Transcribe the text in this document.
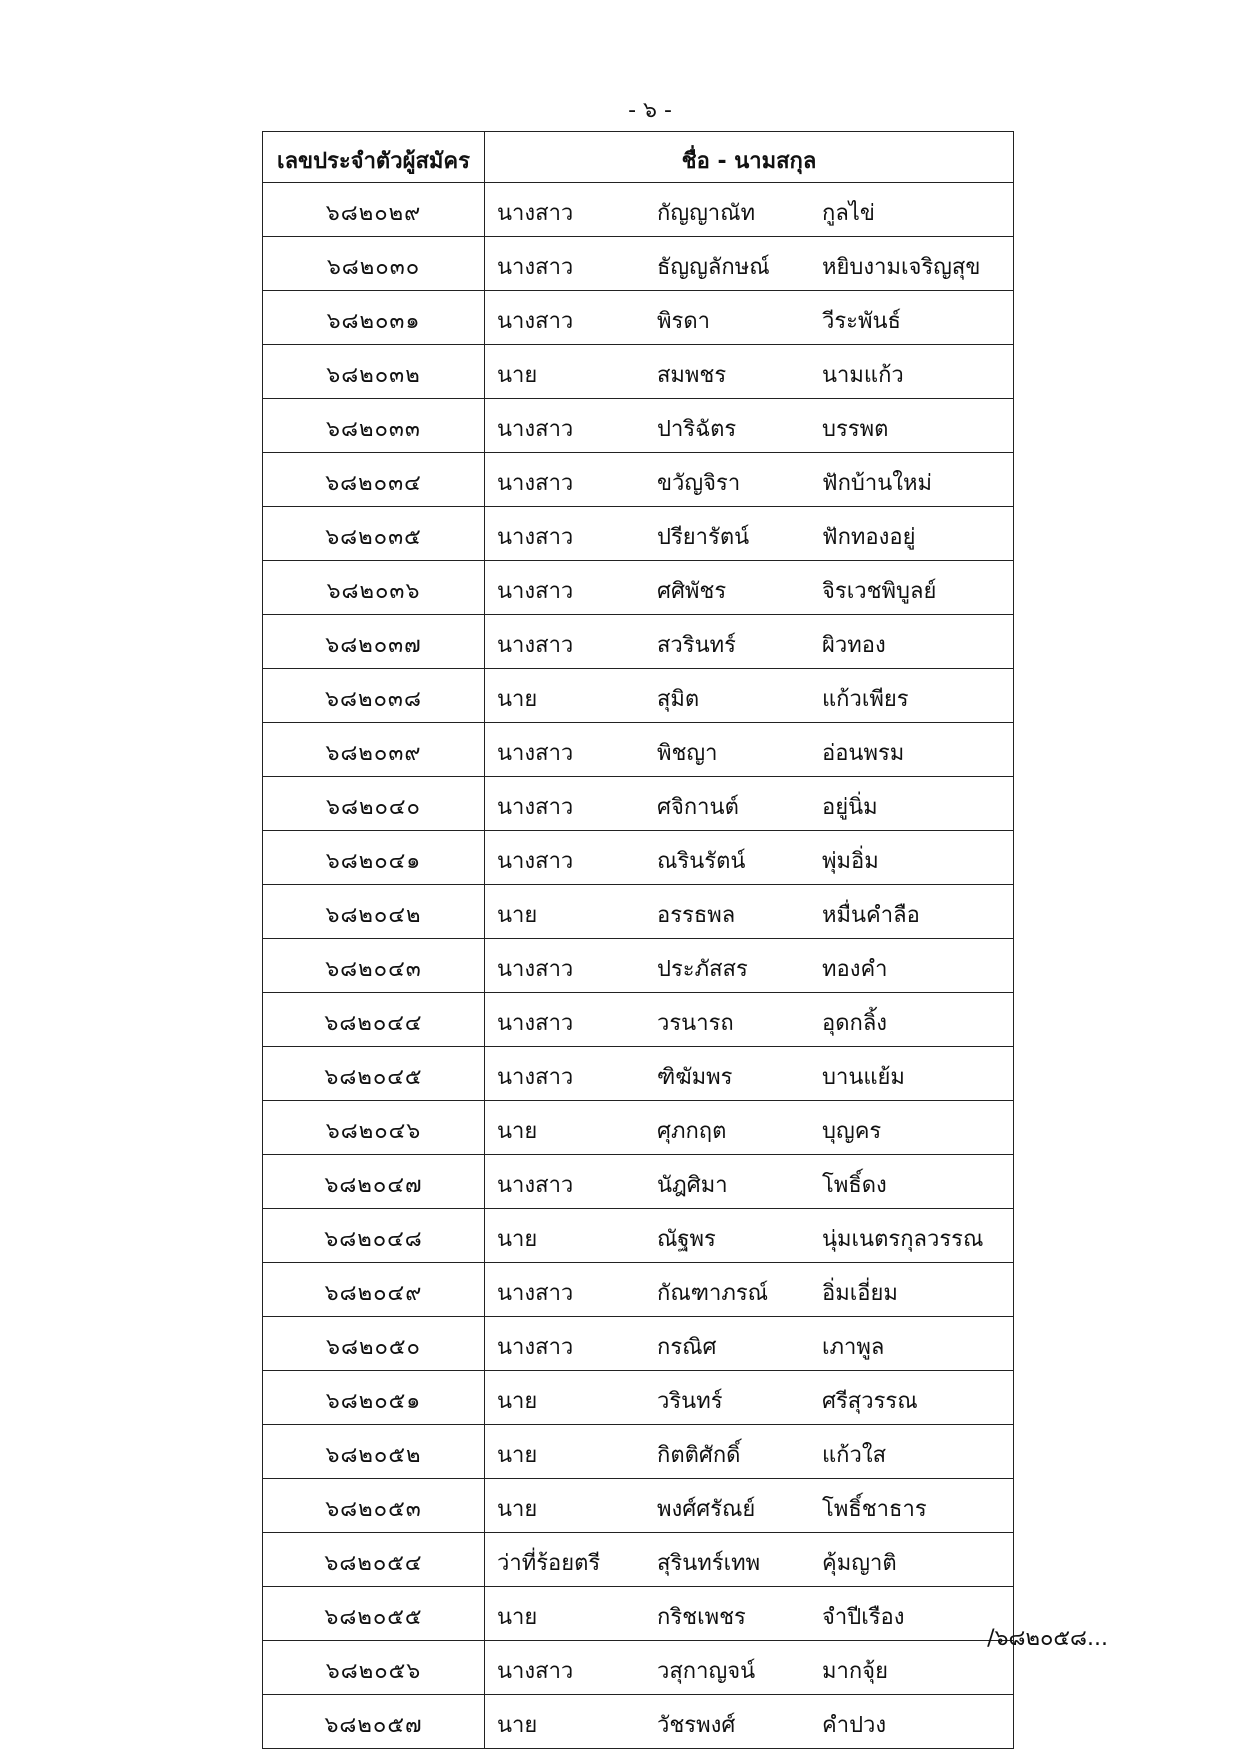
- ๖ -
เลขประจำตัวผู้สมัคร	ชื่อ - นามสกุล
๖๘๒๐๒๙	นางสาว กัญญาณัท กูลไข่

๖๘๒๐๓๐	นางสาว ธัญญลักษณ์ หยิบงามเจริญสุข

๖๘๒๐๓๑	นางสาว พิรดา วีระพันธ์

๖๘๒๐๓๒	นาย สมพชร นามแก้ว

๖๘๒๐๓๓	นางสาว ปาริฉัตร บรรพต

๖๘๒๐๓๔	นางสาว ขวัญจิรา ฟักบ้านใหม่

๖๘๒๐๓๕	นางสาว ปรียารัตน์ ฟักทองอยู่

๖๘๒๐๓๖	นางสาว ศศิพัชร จิรเวชพิบูลย์

๖๘๒๐๓๗	นางสาว สวรินทร์ ผิวทอง

๖๘๒๐๓๘	นาย สุมิต แก้วเพียร

๖๘๒๐๓๙	นางสาว พิชญา อ่อนพรม

๖๘๒๐๔๐	นางสาว ศจิกานต์ อยู่นิ่ม

๖๘๒๐๔๑	นางสาว ณรินรัตน์ พุ่มอิ่ม

๖๘๒๐๔๒	นาย อรรธพล หมื่นคำลือ

๖๘๒๐๔๓	นางสาว ประภัสสร ทองคำ

๖๘๒๐๔๔	นางสาว วรนารถ อุดกลิ้ง

๖๘๒๐๔๕	นางสาว ฑิฆัมพร บานแย้ม

๖๘๒๐๔๖	นาย ศุภกฤต บุญคร

๖๘๒๐๔๗	นางสาว นัฎศิมา โพธิ์ดง

๖๘๒๐๔๘	นาย ณัฐพร นุ่มเนตรกุลวรรณ

๖๘๒๐๔๙	นางสาว กัณฑาภรณ์ อิ่มเอี่ยม

๖๘๒๐๕๐	นางสาว กรณิศ เภาพูล

๖๘๒๐๕๑	นาย วรินทร์ ศรีสุวรรณ

๖๘๒๐๕๒	นาย กิตติศักดิ์ แก้วใส

๖๘๒๐๕๓	นาย พงศ์ศรัณย์ โพธิ์ชาธาร

๖๘๒๐๕๔	ว่าที่ร้อยตรี สุรินทร์เทพ คุ้มญาติ

๖๘๒๐๕๕	นาย กริชเพชร จำปีเรือง

๖๘๒๐๕๖	นางสาว วสุกาญจน์ มากจุ้ย

๖๘๒๐๕๗	นาย วัชรพงศ์ คำปวง
/๖๘๒๐๕๘...
